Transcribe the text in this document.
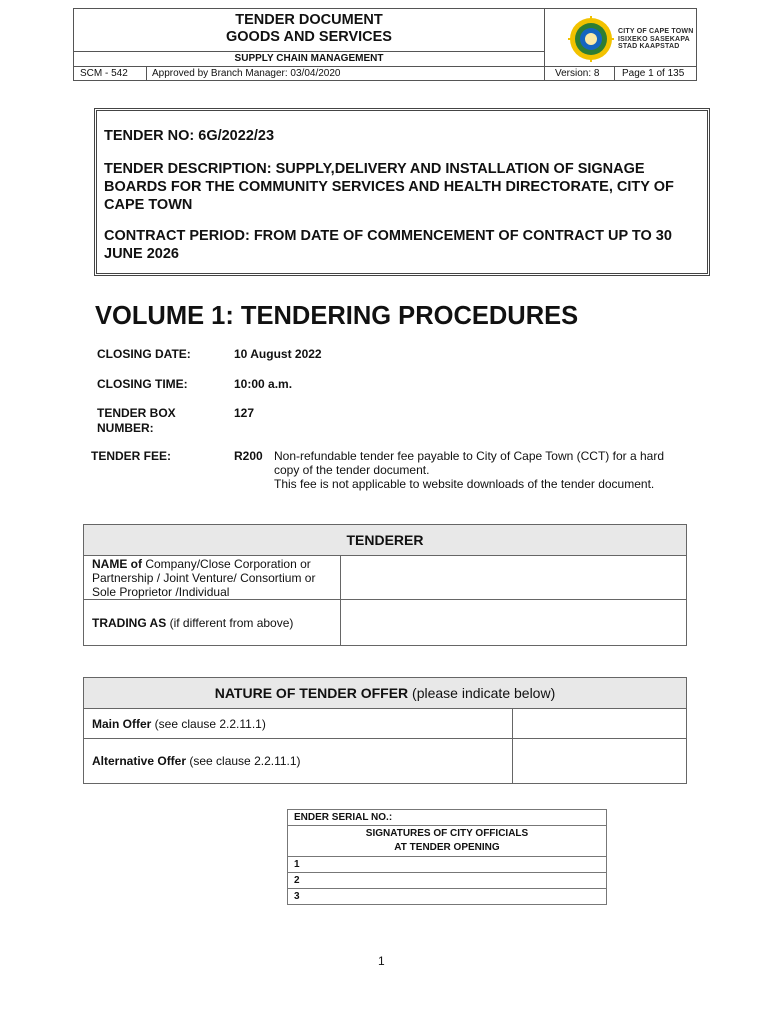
TENDER DOCUMENT
GOODS AND SERVICES
SUPPLY CHAIN MANAGEMENT
SCM - 542 Approved by Branch Manager: 03/04/2020	Version: 8 Page 1 of 135
CITY OF CAPE TOWN
ISIXEKO SASEKAPA
STAD KAAPSTAD
TENDER NO: 6G/2022/23
TENDER DESCRIPTION: SUPPLY,DELIVERY AND INSTALLATION OF SIGNAGE BOARDS FOR THE COMMUNITY SERVICES AND HEALTH DIRECTORATE, CITY OF CAPE TOWN
CONTRACT PERIOD: FROM DATE OF COMMENCEMENT OF CONTRACT UP TO 30 JUNE 2026
VOLUME 1: TENDERING PROCEDURES
CLOSING DATE:	10 August 2022
CLOSING TIME:	10:00 a.m.
TENDER BOX
NUMBER:
127
TENDER FEE:	R200 Non-refundable tender fee payable to City of Cape Town (CCT) for a hard
copy of the tender document.
This fee is not applicable to website downloads of the tender document.
TENDERER	
NAME of Company/Close Corporation or Partnership / Joint Venture/ Consortium or Sole Proprietor /Individual	
TRADING AS (if different from above)	
NATURE OF TENDER OFFER (please indicate below)	
Main Offer (see clause 2.2.11.1)	
Alternative Offer (see clause 2.2.11.1)	
ENDER SERIAL NO.:

SIGNATURES OF CITY OFFICIALS
AT TENDER OPENING

1
2
3
1
